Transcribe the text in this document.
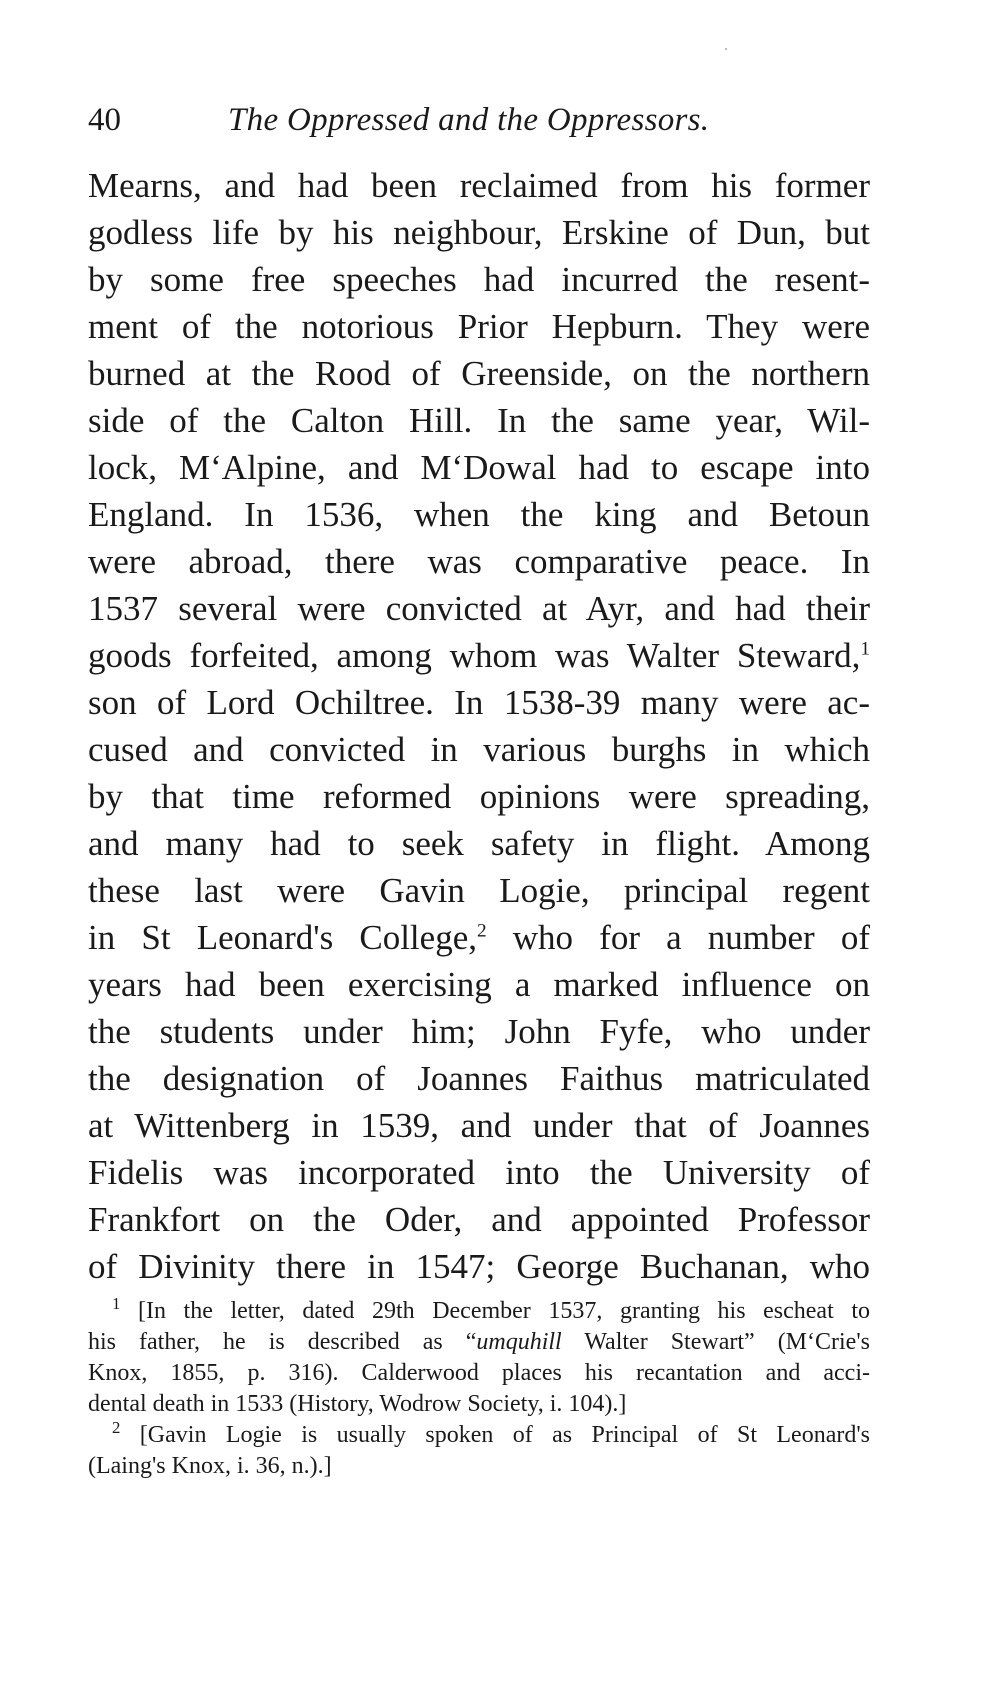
40	The Oppressed and the Oppressors.
Mearns, and had been reclaimed from his former
godless life by his neighbour, Erskine of Dun, but
by some free speeches had incurred the resent-
ment of the notorious Prior Hepburn. They were
burned at the Rood of Greenside, on the northern
side of the Calton Hill. In the same year, Wil-
lock, M‘Alpine, and M‘Dowal had to escape into
England. In 1536, when the king and Betoun
were abroad, there was comparative peace. In
1537 several were convicted at Ayr, and had their
goods forfeited, among whom was Walter Steward,$^1$
son of Lord Ochiltree. In 1538-39 many were ac-
cused and convicted in various burghs in which
by that time reformed opinions were spreading,
and many had to seek safety in flight. Among
these last were Gavin Logie, principal regent
in St Leonard's College,$^2$ who for a number of
years had been exercising a marked influence on
the students under him; John Fyfe, who under
the designation of Joannes Faithus matriculated
at Wittenberg in 1539, and under that of Joannes
Fidelis was incorporated into the University of
Frankfort on the Oder, and appointed Professor
of Divinity there in 1547; George Buchanan, who
$^1$ [In the letter, dated 29th December 1537, granting his escheat to
his father, he is described as “umquhill Walter Stewart” (M‘Crie's
Knox, 1855, p. 316). Calderwood places his recantation and acci-
dental death in 1533 (History, Wodrow Society, i. 104).]
$^2$ [Gavin Logie is usually spoken of as Principal of St Leonard's
(Laing's Knox, i. 36, n.).]
